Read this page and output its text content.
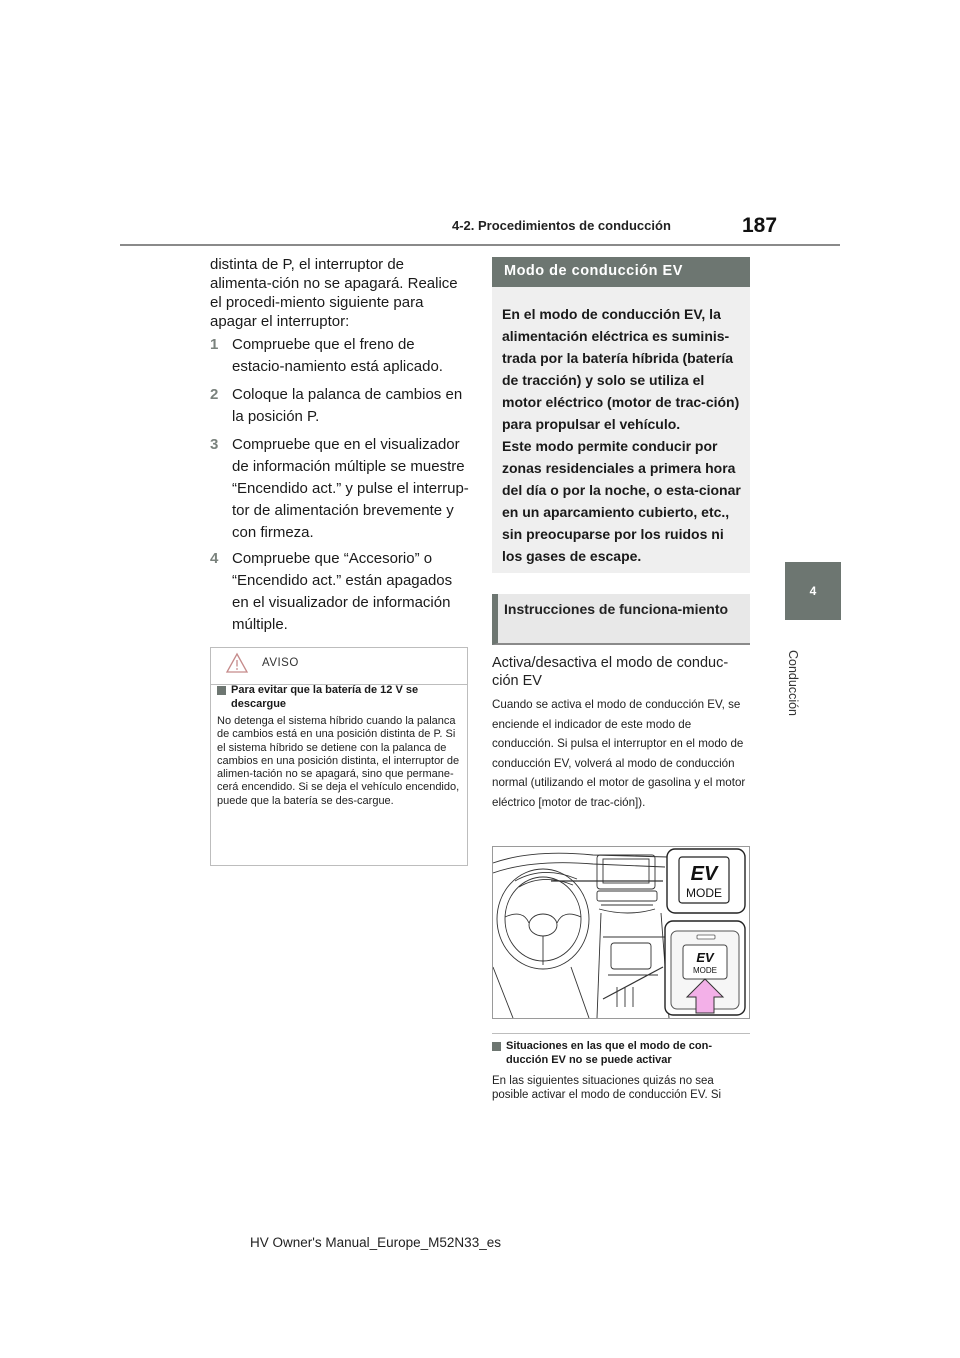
4-2. Procedimientos de conducción	187
4
Conducción
distinta de P, el interruptor de alimenta-ción no se apagará. Realice el procedi-miento siguiente para apagar el interruptor:
1 Compruebe que el freno de estacio-namiento está aplicado.
2 Coloque la palanca de cambios en la posición P.
3 Compruebe que en el visualizador de información múltiple se muestre “Encendido act.” y pulse el interrup-tor de alimentación brevemente y con firmeza.
4 Compruebe que “Accesorio” o “Encendido act.” están apagados en el visualizador de información múltiple.
AVISO
Para evitar que la batería de 12 V se descargue
No detenga el sistema híbrido cuando la palanca de cambios está en una posición distinta de P. Si el sistema híbrido se detiene con la palanca de cambios en una posición distinta, el interruptor de alimen-tación no se apagará, sino que permane-cerá encendido. Si se deja el vehículo encendido, puede que la batería se des-cargue.
Modo de conducción EV

En el modo de conducción EV, la alimentación eléctrica es suminis-trada por la batería híbrida (batería de tracción) y solo se utiliza el motor eléctrico (motor de trac-ción) para propulsar el vehículo.

Este modo permite conducir por zonas residenciales a primera hora del día o por la noche, o esta-cionar en un aparcamiento cubierto, etc., sin preocuparse por los ruidos ni los gases de escape.

Instrucciones de funciona-miento
Activa/desactiva el modo de conduc-ción EV
Cuando se activa el modo de conducción EV, se enciende el indicador de este modo de conducción. Si pulsa el interruptor en el modo de conducción EV, volverá al modo de conducción normal (utilizando el motor de gasolina y el motor eléctrico [motor de trac-ción]).
EV
MODE
EV
MODE
Situaciones en las que el modo de con-ducción EV no se puede activar
En las siguientes situaciones quizás no sea posible activar el modo de conducción EV. Si
HV Owner's Manual_Europe_M52N33_es
